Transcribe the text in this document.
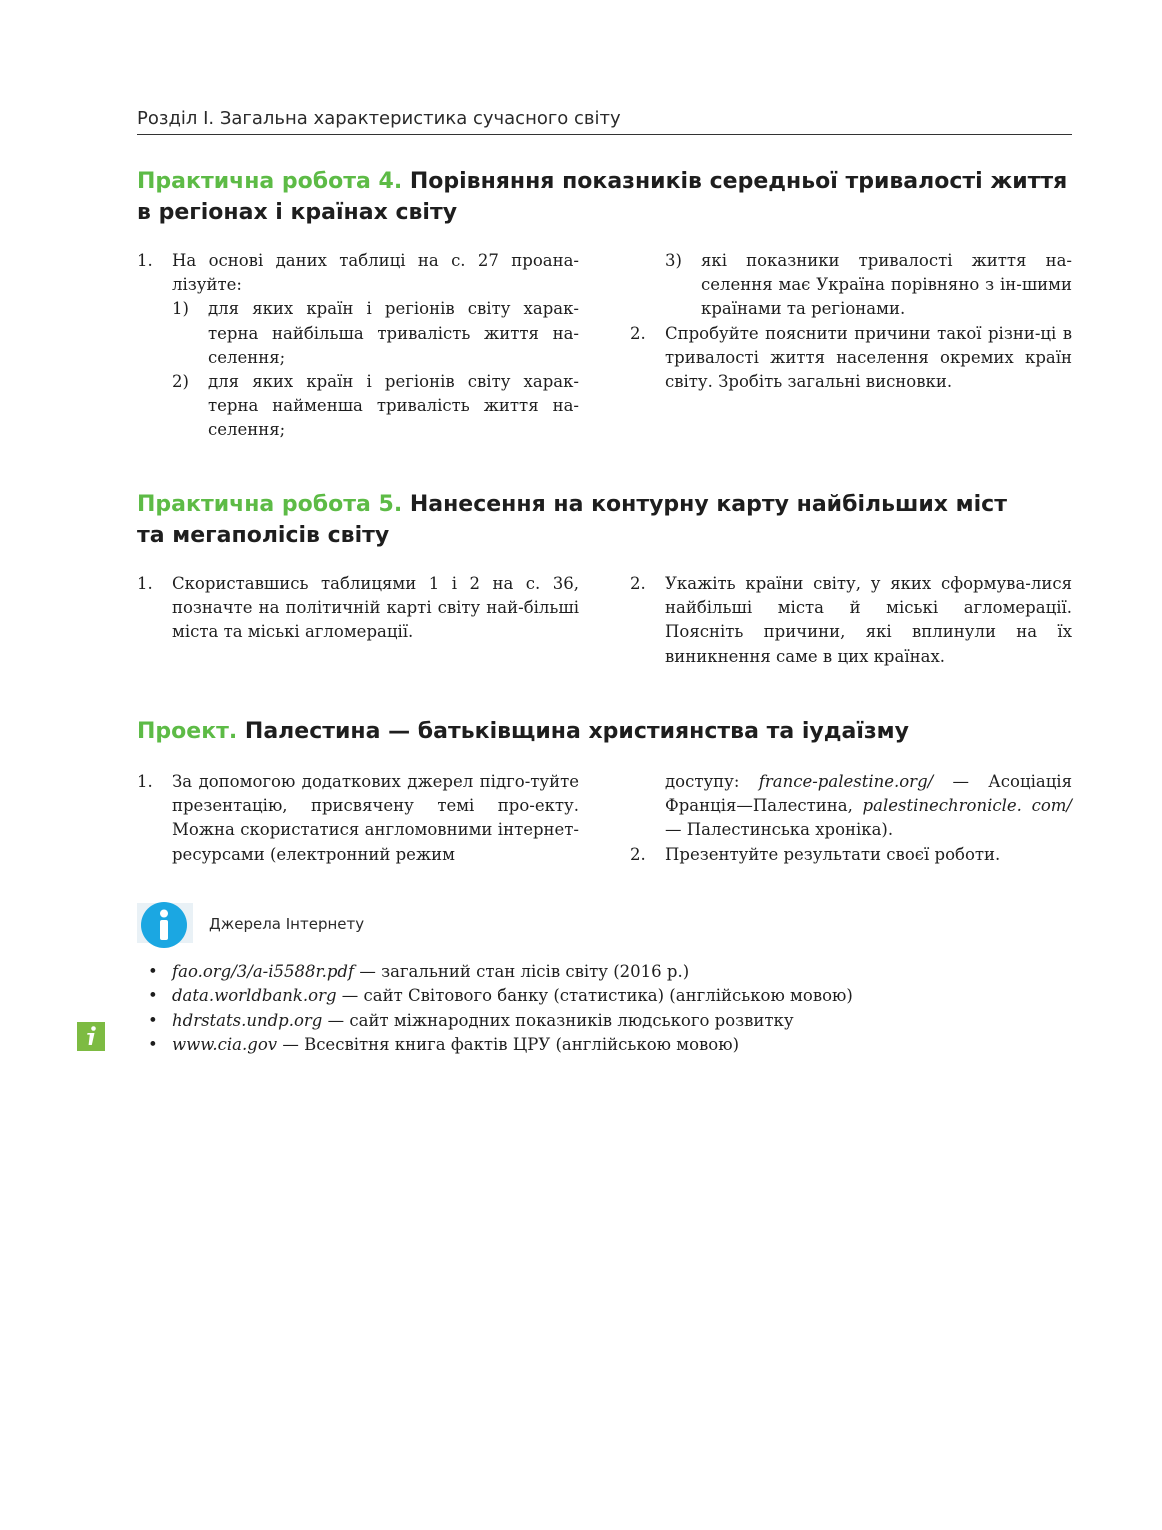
Розділ І. Загальна характеристика сучасного світу
Практична робота 4. Порівняння показників середньої тривалості життя
в регіонах і країнах світу
1. На основі даних таблиці на с. 27 проана-лізуйте:
1) для яких країн і регіонів світу харак-терна найбільша тривалість життя на-селення;
2) для яких країн і регіонів світу харак-терна найменша тривалість життя на-селення;
3) які показники тривалості життя на-селення має Україна порівняно з ін-шими країнами та регіонами.
2. Спробуйте пояснити причини такої різни-ці в тривалості життя населення окремих країн світу. Зробіть загальні висновки.
Практична робота 5. Нанесення на контурну карту найбільших міст
та мегаполісів світу
1. Скориставшись таблицями 1 і 2 на с. 36, позначте на політичній карті світу най-більші міста та міські агломерації.
2. Укажіть країни світу, у яких сформува-лися найбільші міста й міські агломерації. Поясніть причини, які вплинули на їх виникнення саме в цих країнах.
Проект. Палестина — батьківщина християнства та іудаїзму
1. За допомогою додаткових джерел підго-туйте презентацію, присвячену темі про-екту. Можна скористатися англомовними інтернет-ресурсами (електронний режим
доступу: france-palestine.org/ — Асоціація Франція—Палестина, palestinechronicle. com/ — Палестинська хроніка).
2. Презентуйте результати своєї роботи.
Джерела Інтернету
• fao.org/3/a-i5588r.pdf — загальний стан лісів світу (2016 р.)
• data.worldbank.org — сайт Світового банку (статистика) (англійською мовою)
• hdrstats.undp.org — сайт міжнародних показників людського розвитку
• www.cia.gov — Всесвітня книга фактів ЦРУ (англійською мовою)
